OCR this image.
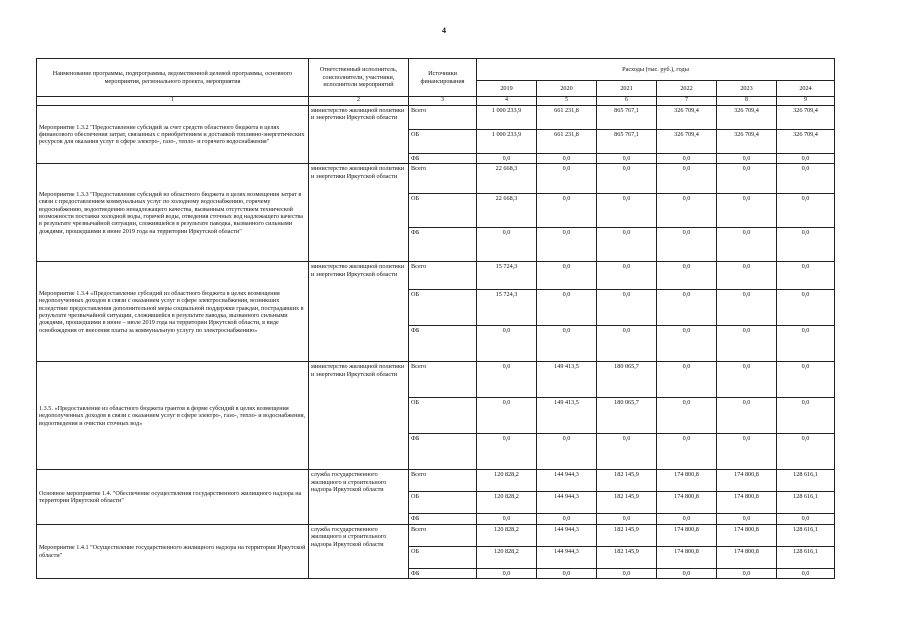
4
Наименование программы, подпрограммы, ведомственной целевой программы, основного мероприятия, регионального проекта, мероприятия	Ответственный исполнитель, соисполнители, участники, исполнители мероприятий	Источники финансирования	Расходы (тыс. руб.), годы					
			2019	2020	2021	2022	2023	2024
1	2	3	4	5	6	7	8	9
Мероприятие 1.3.2 "Предоставление субсидий за счет средств областного бюджета в целях финансового обеспечения затрат, связанных с приобретением и доставкой топливно-энергетических ресурсов для оказания услуг в сфере электро-, газо-, тепло- и горячего водоснабжения"	министерство жилищной политики и энергетики Иркутской области	Всего	1 000 233,9	661 231,8	865 767,1	326 709,4	326 709,4	326 709,4
		ОБ	1 000 233,9	661 231,8	865 767,1	326 709,4	326 709,4	326 709,4
		ФБ	0,0	0,0	0,0	0,0	0,0	0,0
Мероприятие 1.3.3 "Предоставление субсидий из областного бюджета в целях возмещения затрат в связи с предоставлением коммунальных услуг по холодному водоснабжению, горячему водоснабжению, водоотведению ненадлежащего качества, вызванным отсутствием технической возможности поставки холодной воды, горячей воды, отведения сточных вод надлежащего качества в результате чрезвычайной ситуации, сложившейся в результате паводка, вызванного сильными дождями, прошедшими в июне 2019 года на территории Иркутской области"	министерство жилищной политики и энергетики Иркутской области	Всего	22 668,3	0,0	0,0	0,0	0,0	0,0
		ОБ	22 668,3	0,0	0,0	0,0	0,0	0,0
		ФБ	0,0	0,0	0,0	0,0	0,0	0,0
Мероприятие 1.3.4 «Предоставление субсидий из областного бюджета в целях возмещения недополученных доходов в связи с оказанием услуг в сфере электроснабжения, возникших вследствие предоставления дополнительной меры социальной поддержки граждан, пострадавших в результате чрезвычайной ситуации, сложившейся в результате паводка, вызванного сильными дождями, прошедшими в июне – июле 2019 года на территории Иркутской области, в виде освобождения от внесения платы за коммунальную услугу по электроснабжению»	министерство жилищной политики и энергетики Иркутской области	Всего	15 724,3	0,0	0,0	0,0	0,0	0,0
		ОБ	15 724,3	0,0	0,0	0,0	0,0	0,0
		ФБ	0,0	0,0	0,0	0,0	0,0	0,0
1.3.5. «Предоставление из областного бюджета грантов в форме субсидий в целях возмещения недополученных доходов в связи с оказанием услуг в сфере электро-, газо-, тепло- и водоснабжения, водоотведения и очистки сточных вод»	министерство жилищной политики и энергетики Иркутской области	Всего	0,0	149 413,5	180 065,7	0,0	0,0	0,0
		ОБ	0,0	149 413,5	180 065,7	0,0	0,0	0,0
		ФБ	0,0	0,0	0,0	0,0	0,0	0,0
Основное мероприятие 1.4. "Обеспечение осуществления государственного жилищного надзора на территории Иркутской области"	служба государственного жилищного и строительного надзора Иркутской области	Всего	120 828,2	144 944,3	182 145,9	174 800,8	174 800,8	128 616,1
		ОБ	120 828,2	144 944,3	182 145,9	174 800,8	174 800,8	128 616,1
		ФБ	0,0	0,0	0,0	0,0	0,0	0,0
Мероприятие 1.4.1 "Осуществление государственного жилищного надзора на территории Иркутской области"	служба государственного жилищного и строительного надзора Иркутской области	Всего	120 828,2	144 944,3	182 145,9	174 800,8	174 800,8	128 616,1
		ОБ	120 828,2	144 944,3	182 145,9	174 800,8	174 800,8	128 616,1
		ФБ	0,0	0,0	0,0	0,0	0,0	0,0
